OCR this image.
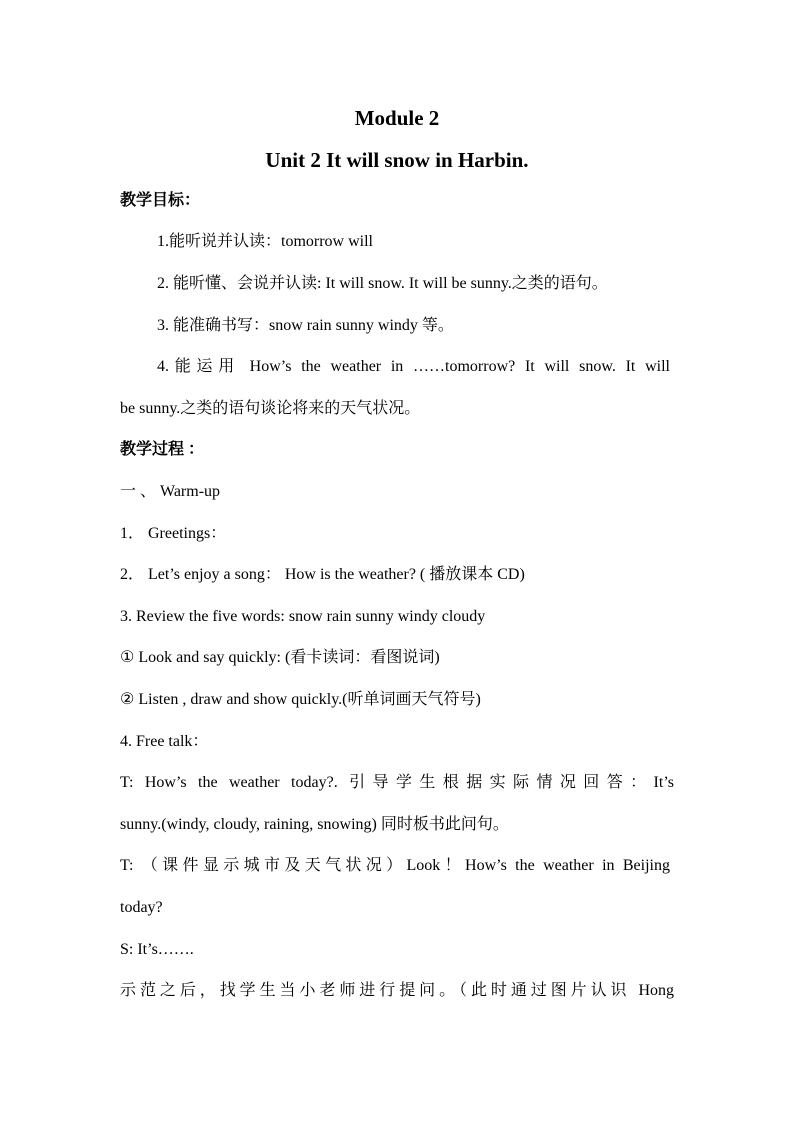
Module 2
Unit 2 It will snow in Harbin.
教学目标：
1.能听说并认读：tomorrow will
2. 能听懂、会说并认读: It will snow. It will be sunny.之类的语句。
3. 能准确书写：snow rain sunny windy 等。
4.能运用 How’s the weather in ……tomorrow? It will snow. It will
be sunny.之类的语句谈论将来的天气状况。
教学过程 ：
一 、 Warm-up
1． Greetings：
2． Let’s enjoy a song： How is the weather? ( 播放课本 CD)
3. Review the five words: snow rain sunny windy cloudy
① Look and say quickly: (看卡读词：看图说词)
② Listen , draw and show quickly.(听单词画天气符号)
4. Free talk：
T: How’s the weather today?. 引导学生根据实际情况回答：It’s
sunny.(windy, cloudy, raining, snowing) 同时板书此问句。
T: （课件显示城市及天气状况）Look！How’s the weather in Beijing
today?
S: It’s…….
示范之后，找学生当小老师进行提问。（此时通过图片认识 Hong
